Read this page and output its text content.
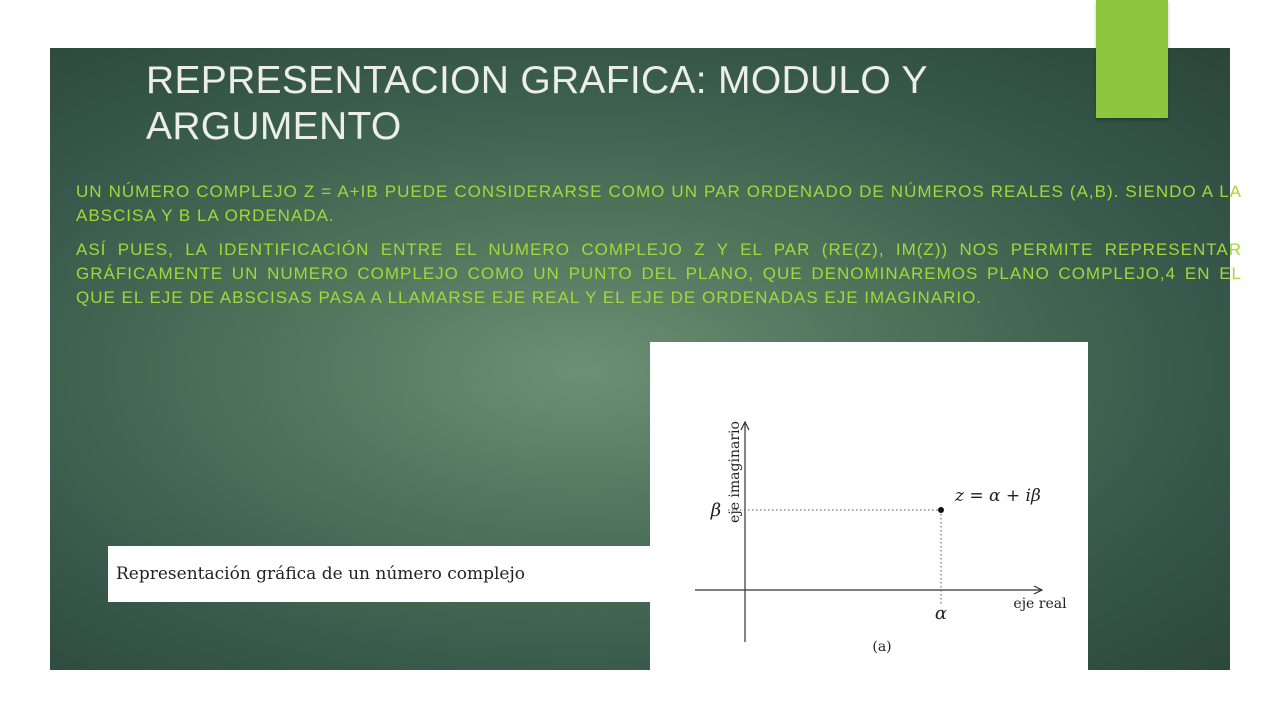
REPRESENTACION GRAFICA: MODULO Y ARGUMENTO

UN NÚMERO COMPLEJO Z = A+IB PUEDE CONSIDERARSE COMO UN PAR ORDENADO DE NÚMEROS REALES (A,B). SIENDO A LA ABSCISA Y B LA ORDENADA.

ASÍ PUES, LA IDENTIFICACIÓN ENTRE EL NUMERO COMPLEJO Z Y EL PAR (RE(Z), IM(Z)) NOS PERMITE REPRESENTAR GRÁFICAMENTE UN NUMERO COMPLEJO COMO UN PUNTO DEL PLANO, QUE DENOMINAREMOS PLANO COMPLEJO,4 EN EL QUE EL EJE DE ABSCISAS PASA A LLAMARSE EJE REAL Y EL EJE DE ORDENADAS EJE IMAGINARIO.

Representación gráfica de un número complejo
eje imaginario
β
z = α + iβ
α	eje real
(a)
